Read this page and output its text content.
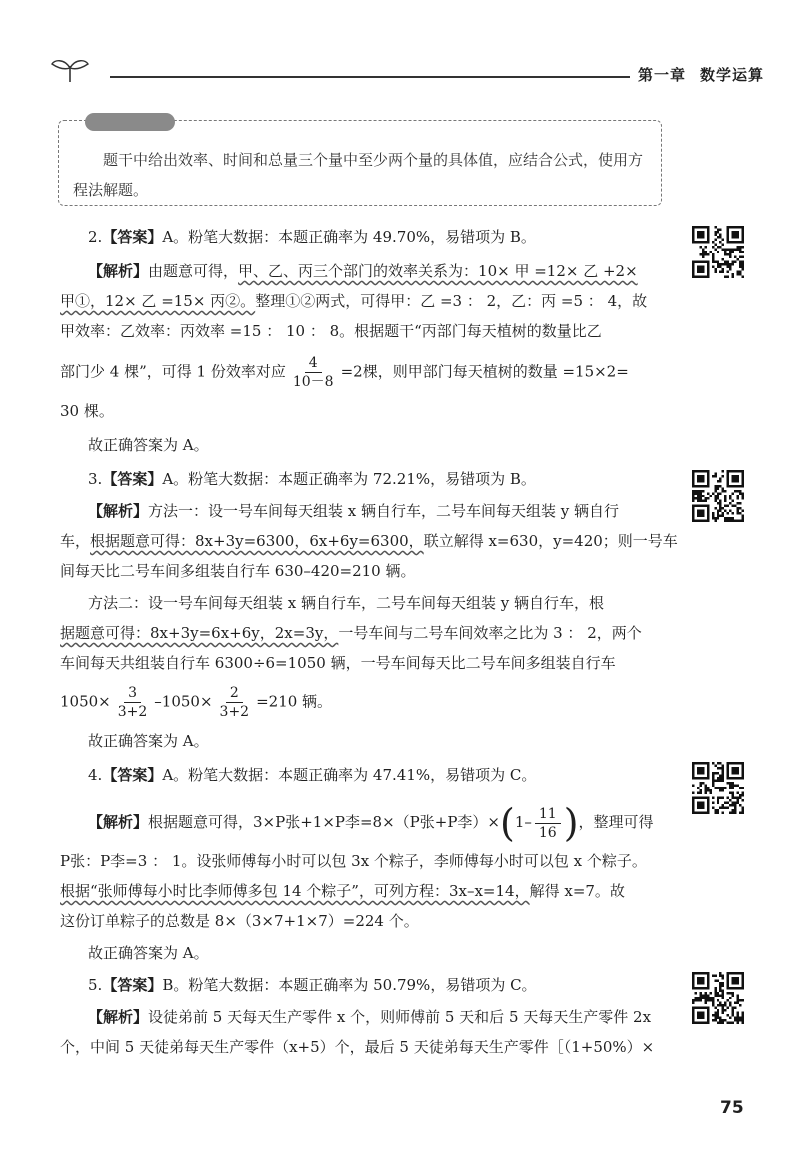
第一章 数学运算
题干中给出效率、时间和总量三个量中至少两个量的具体值，应结合公式，使用方程法解题。
2.【答案】A。粉笔大数据：本题正确率为 49.70%，易错项为 B。
【解析】由题意可得，甲、乙、丙三个部门的效率关系为：10× 甲 =12× 乙 +2×
甲①，12× 乙 =15× 丙②。整理①②两式，可得甲：乙 =3 ： 2，乙：丙 =5 ： 4，故
甲效率：乙效率：丙效率 =15 ： 10 ： 8。根据题干“丙部门每天植树的数量比乙
部门少 4 棵”，可得 1 份效率对应 $\frac{4}{10-8} =2$棵，则甲部门每天植树的数量 =15×2=
30 棵。
故正确答案为 A。
3.【答案】A。粉笔大数据：本题正确率为 72.21%，易错项为 B。
【解析】方法一：设一号车间每天组装 x 辆自行车，二号车间每天组装 y 辆自行
车，根据题意可得：8x+3y=6300，6x+6y=6300，联立解得 x=630，y=420；则一号车
间每天比二号车间多组装自行车 630–420=210 辆。
方法二：设一号车间每天组装 x 辆自行车，二号车间每天组装 y 辆自行车，根
据题意可得：8x+3y=6x+6y，2x=3y，一号车间与二号车间效率之比为 3 ： 2，两个
车间每天共组装自行车 6300÷6=1050 辆，一号车间每天比二号车间多组装自行车
$1050\times \frac{3}{3+2} -1050\times \frac{2}{3+2} =210$ 辆。
故正确答案为 A。
4.【答案】A。粉笔大数据：本题正确率为 47.41%，易错项为 C。
【解析】根据题意可得，3×P张+1×P李=8×（P张+P李）$\times(1- \frac{11}{16}$ )，整理可得
P张：P李=3 ： 1。设张师傅每小时可以包 3x 个粽子，李师傅每小时可以包 x 个粽子。
根据“张师傅每小时比李师傅多包 14 个粽子”，可列方程：3x–x=14，解得 x=7。故
这份订单粽子的总数是 8×（3×7+1×7）=224 个。
故正确答案为 A。
5.【答案】B。粉笔大数据：本题正确率为 50.79%，易错项为 C。
【解析】设徒弟前 5 天每天生产零件 x 个，则师傅前 5 天和后 5 天每天生产零件 2x
个，中间 5 天徒弟每天生产零件（x+5）个，最后 5 天徒弟每天生产零件［（1+50%）×
75
